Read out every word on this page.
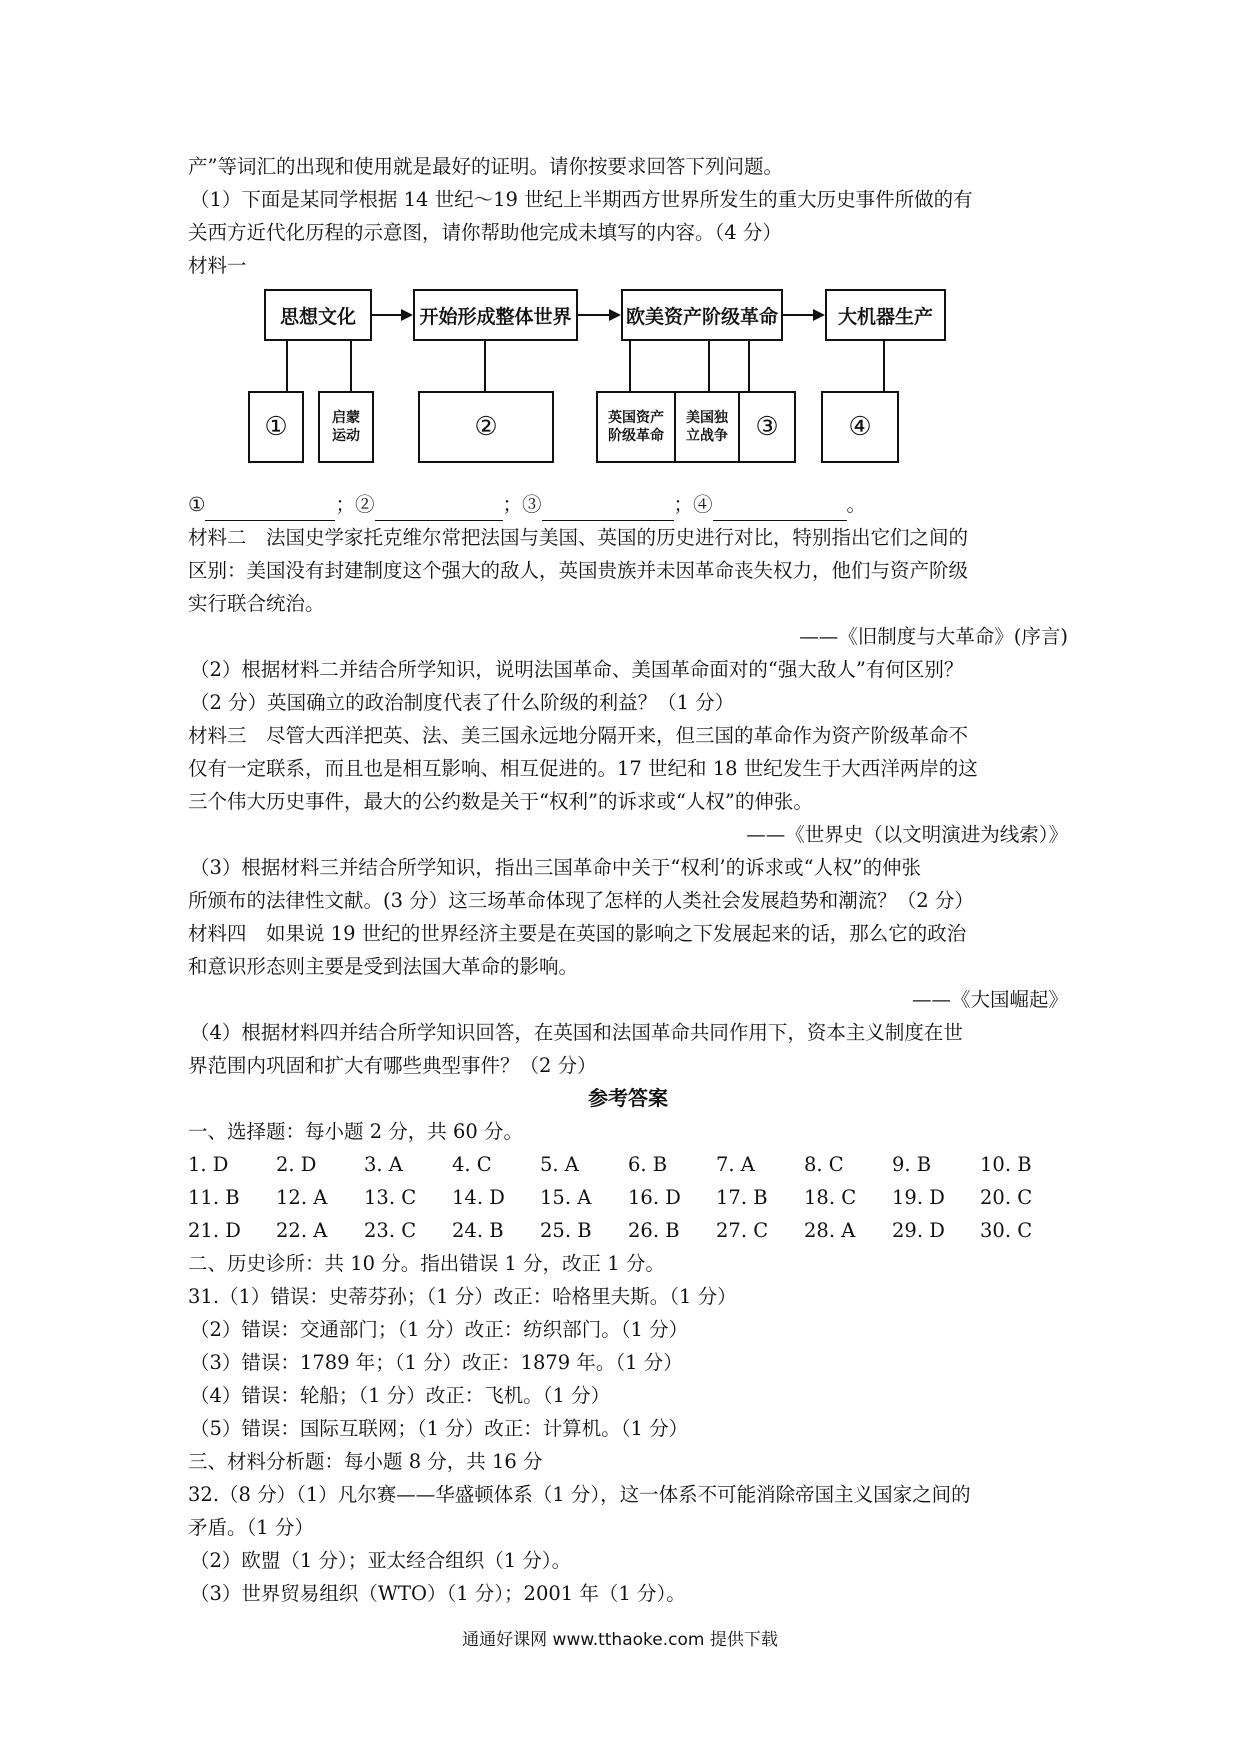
产”等词汇的出现和使用就是最好的证明。请你按要求回答下列问题。
（1）下面是某同学根据 14 世纪～19 世纪上半期西方世界所发生的重大历史事件所做的有
关西方近代化历程的示意图，请你帮助他完成未填写的内容。（4 分）
材料一
思想文化	开始形成整体世界	欧美资产阶级革命	大机器生产
①	启蒙
运动	②	英国资产
阶级革命
美国独
立战争	③	④
①	；②	；③	；④	。
材料二　法国史学家托克维尔常把法国与美国、英国的历史进行对比，特别指出它们之间的
区别：美国没有封建制度这个强大的敌人，英国贵族并未因革命丧失权力，他们与资产阶级
实行联合统治。
——《旧制度与大革命》(序言)
（2）根据材料二并结合所学知识，说明法国革命、美国革命面对的“强大敌人”有何区别？
（2 分）英国确立的政治制度代表了什么阶级的利益？（1 分）
材料三　尽管大西洋把英、法、美三国永远地分隔开来，但三国的革命作为资产阶级革命不
仅有一定联系，而且也是相互影响、相互促进的。17 世纪和 18 世纪发生于大西洋两岸的这
三个伟大历史事件，最大的公约数是关于“权利”的诉求或“人权”的伸张。
——《世界史（以文明演进为线索）》
（3）根据材料三并结合所学知识，指出三国革命中关于“权利’的诉求或“人权”的伸张
所颁布的法律性文献。(3 分）这三场革命体现了怎样的人类社会发展趋势和潮流？（2 分）
材料四　如果说 19 世纪的世界经济主要是在英国的影响之下发展起来的话，那么它的政治
和意识形态则主要是受到法国大革命的影响。
——《大国崛起》
（4）根据材料四并结合所学知识回答，在英国和法国革命共同作用下，资本主义制度在世
界范围内巩固和扩大有哪些典型事件？（2 分）
参考答案
一、选择题：每小题 2 分，共 60 分。
1. D	2. D	3. A	4. C	5. A	6. B	7. A	8. C	9. B	10. B
11. B	12. A	13. C	14. D	15. A	16. D	17. B	18. C	19. D	20. C
21. D	22. A	23. C	24. B	25. B	26. B	27. C	28. A	29. D	30. C
二、历史诊所：共 10 分。指出错误 1 分，改正 1 分。
31.（1）错误：史蒂芬孙；（1 分）改正：哈格里夫斯。（1 分）
（2）错误：交通部门；（1 分）改正：纺织部门。（1 分）
（3）错误：1789 年；（1 分）改正：1879 年。（1 分）
（4）错误：轮船；（1 分）改正：飞机。（1 分）
（5）错误：国际互联网；（1 分）改正：计算机。（1 分）
三、材料分析题：每小题 8 分，共 16 分
32.（8 分）（1）凡尔赛——华盛顿体系（1 分），这一体系不可能消除帝国主义国家之间的
矛盾。（1 分）
（2）欧盟（1 分）；亚太经合组织（1 分）。
（3）世界贸易组织（WTO）（1 分）；2001 年（1 分）。
通通好课网 www.tthaoke.com 提供下载
